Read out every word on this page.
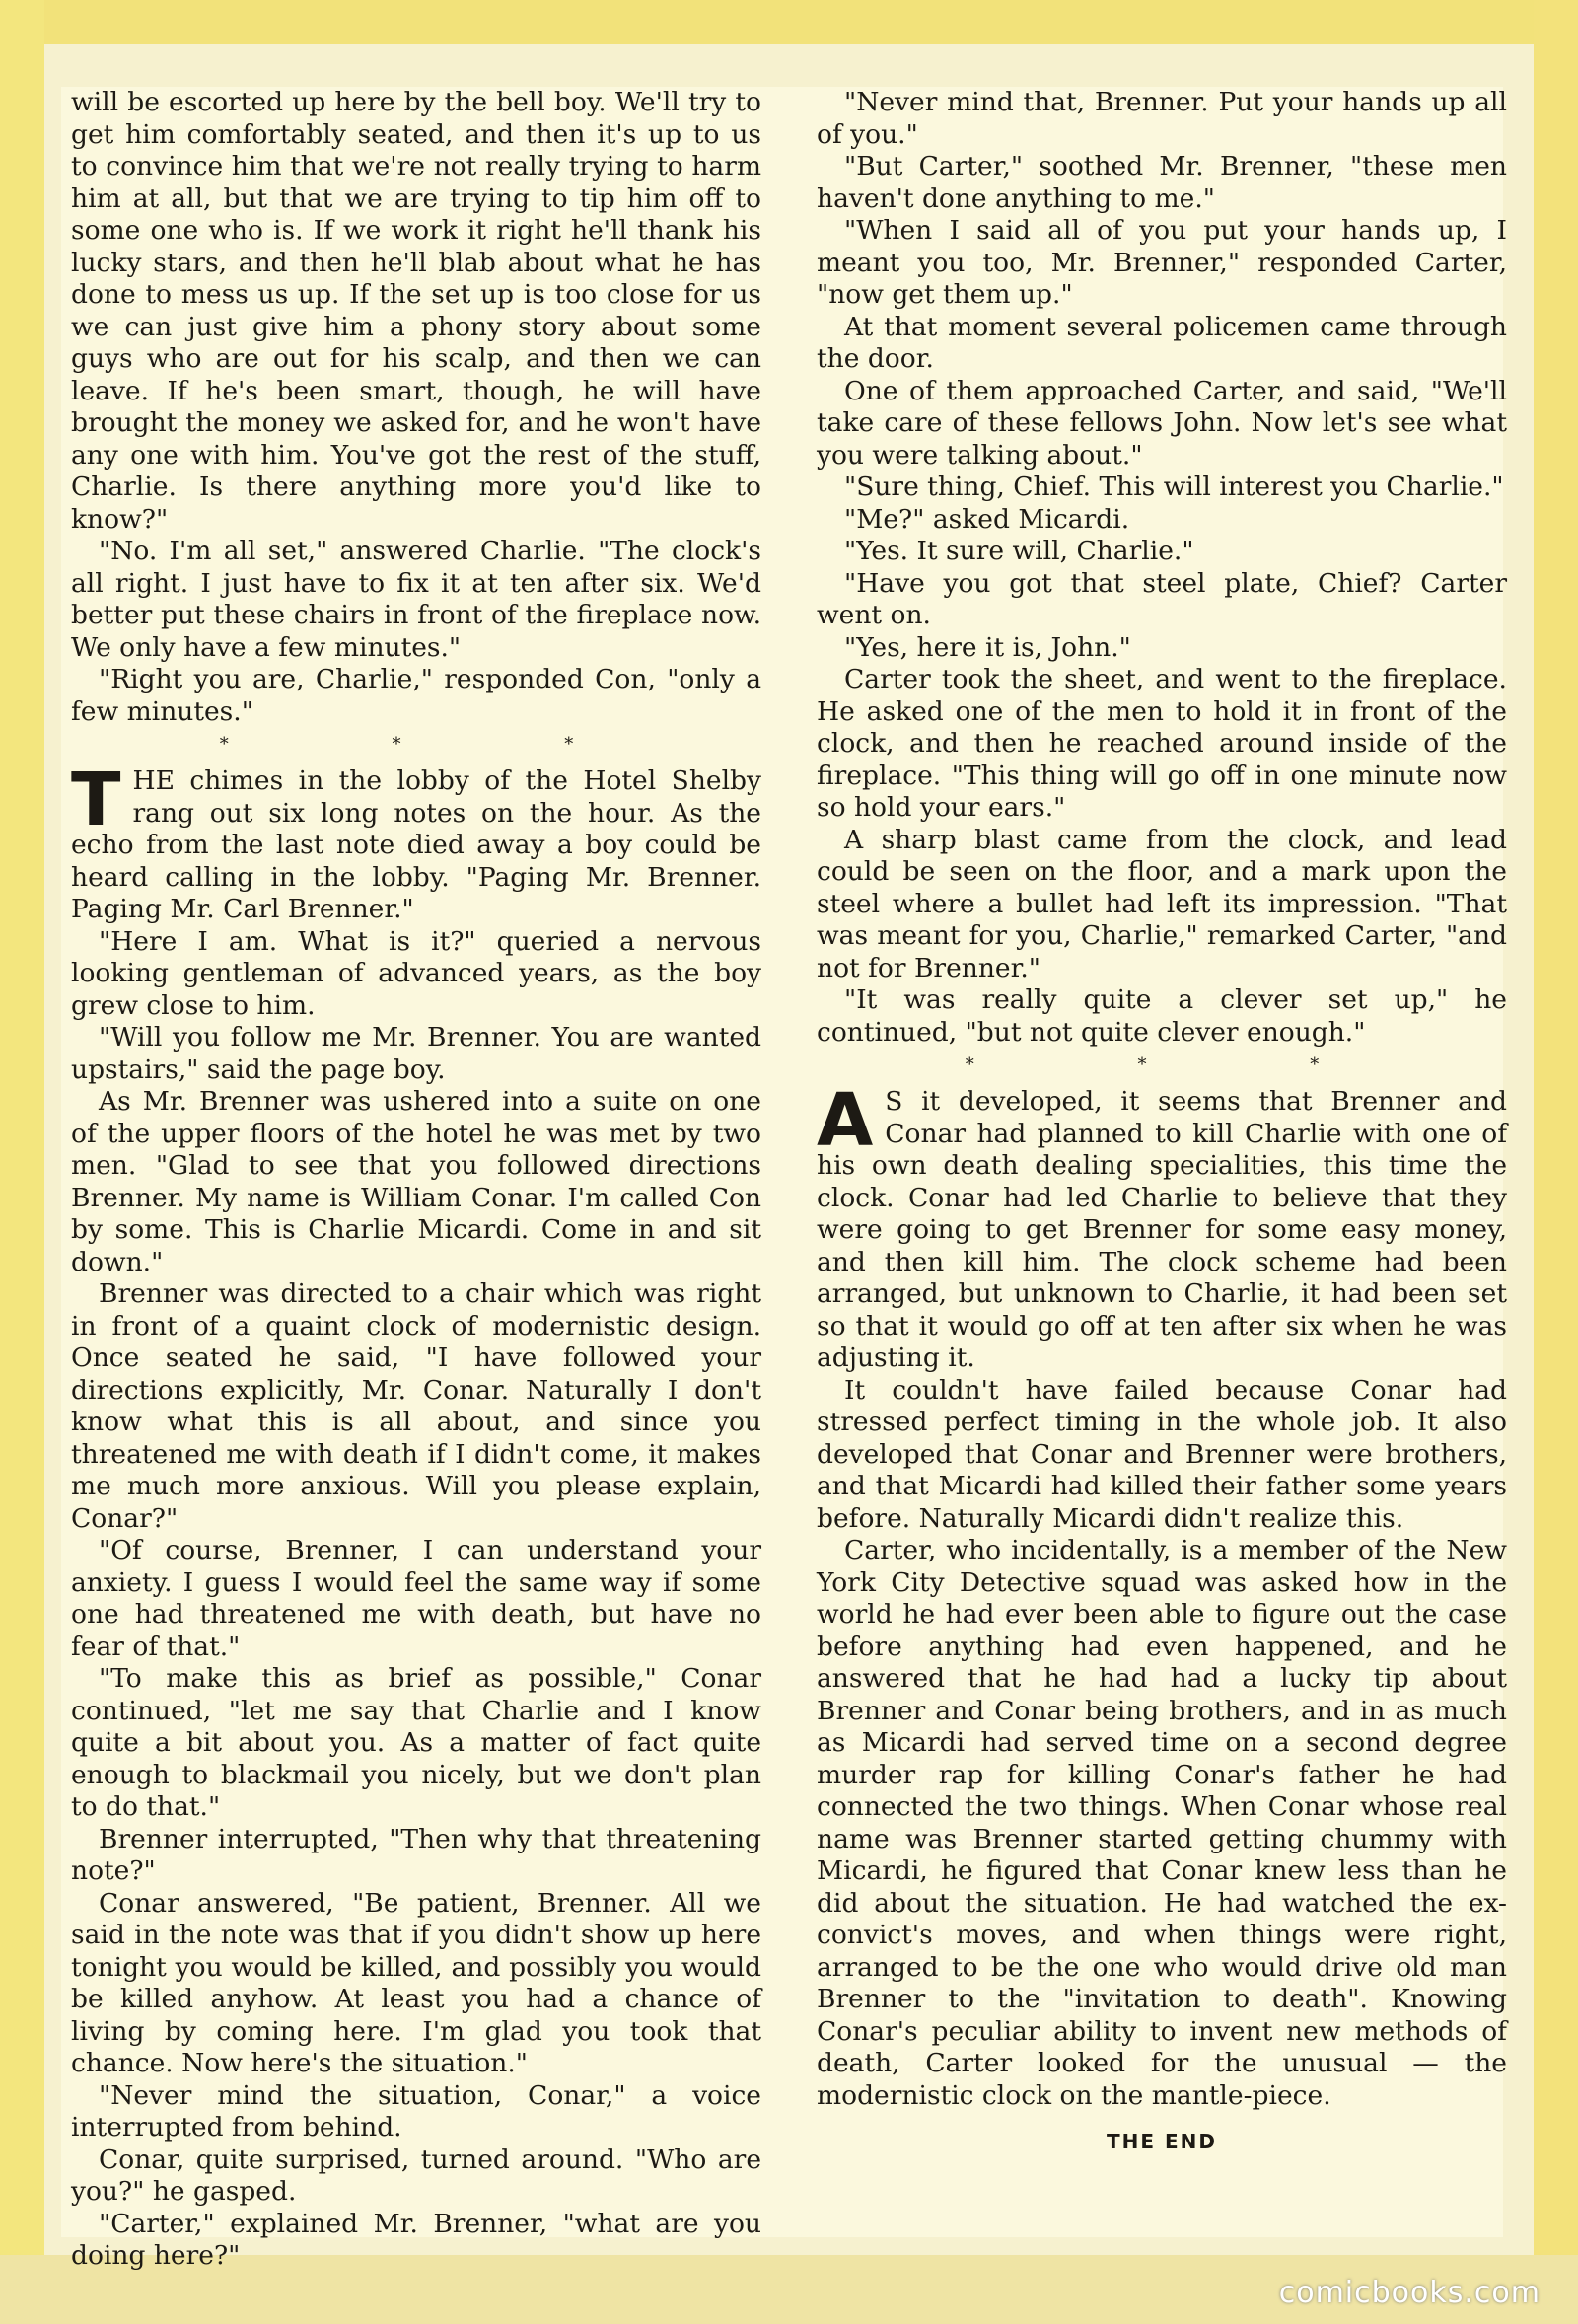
will be escorted up here by the bell boy. We'll try to get him comfortably seated, and then it's up to us to convince him that we're not really trying to harm him at all, but that we are trying to tip him off to some one who is. If we work it right he'll thank his lucky stars, and then he'll blab about what he has done to mess us up. If the set up is too close for us we can just give him a phony story about some guys who are out for his scalp, and then we can leave. If he's been smart, though, he will have brought the money we asked for, and he won't have any one with him. You've got the rest of the stuff, Charlie. Is there anything more you'd like to know?"

"No. I'm all set," answered Charlie. "The clock's all right. I just have to fix it at ten after six. We'd better put these chairs in front of the fireplace now. We only have a few minutes."

"Right you are, Charlie," responded Con, "only a few minutes."

* * *

THE chimes in the lobby of the Hotel Shelby rang out six long notes on the hour. As the echo from the last note died away a boy could be heard calling in the lobby. "Paging Mr. Brenner. Paging Mr. Carl Brenner."

"Here I am. What is it?" queried a nervous looking gentleman of advanced years, as the boy grew close to him.

"Will you follow me Mr. Brenner. You are wanted upstairs," said the page boy.

As Mr. Brenner was ushered into a suite on one of the upper floors of the hotel he was met by two men. "Glad to see that you followed directions Brenner. My name is William Conar. I'm called Con by some. This is Charlie Micardi. Come in and sit down."

Brenner was directed to a chair which was right in front of a quaint clock of modernistic design. Once seated he said, "I have followed your directions explicitly, Mr. Conar. Naturally I don't know what this is all about, and since you threatened me with death if I didn't come, it makes me much more anxious. Will you please explain, Conar?"

"Of course, Brenner, I can understand your anxiety. I guess I would feel the same way if some one had threatened me with death, but have no fear of that."

"To make this as brief as possible," Conar continued, "let me say that Charlie and I know quite a bit about you. As a matter of fact quite enough to blackmail you nicely, but we don't plan to do that."

Brenner interrupted, "Then why that threatening note?"

Conar answered, "Be patient, Brenner. All we said in the note was that if you didn't show up here tonight you would be killed, and possibly you would be killed anyhow. At least you had a chance of living by coming here. I'm glad you took that chance. Now here's the situation."

"Never mind the situation, Conar," a voice interrupted from behind.

Conar, quite surprised, turned around. "Who are you?" he gasped.

"Carter," explained Mr. Brenner, "what are you doing here?"

"Never mind that, Brenner. Put your hands up all of you."

"But Carter," soothed Mr. Brenner, "these men haven't done anything to me."

"When I said all of you put your hands up, I meant you too, Mr. Brenner," responded Carter, "now get them up."

At that moment several policemen came through the door.

One of them approached Carter, and said, "We'll take care of these fellows John. Now let's see what you were talking about."

"Sure thing, Chief. This will interest you Charlie."

"Me?" asked Micardi.

"Yes. It sure will, Charlie."

"Have you got that steel plate, Chief? Carter went on.

"Yes, here it is, John."

Carter took the sheet, and went to the fireplace. He asked one of the men to hold it in front of the clock, and then he reached around inside of the fireplace. "This thing will go off in one minute now so hold your ears."

A sharp blast came from the clock, and lead could be seen on the floor, and a mark upon the steel where a bullet had left its impression. "That was meant for you, Charlie," remarked Carter, "and not for Brenner."

"It was really quite a clever set up," he continued, "but not quite clever enough."

* * *

A S it developed, it seems that Brenner and Conar had planned to kill Charlie with one of his own death dealing specialities, this time the clock. Conar had led Charlie to believe that they were going to get Brenner for some easy money, and then kill him. The clock scheme had been arranged, but unknown to Charlie, it had been set so that it would go off at ten after six when he was adjusting it.

It couldn't have failed because Conar had stressed perfect timing in the whole job. It also developed that Conar and Brenner were brothers, and that Micardi had killed their father some years before. Naturally Micardi didn't realize this.

Carter, who incidentally, is a member of the New York City Detective squad was asked how in the world he had ever been able to figure out the case before anything had even happened, and he answered that he had had a lucky tip about Brenner and Conar being brothers, and in as much as Micardi had served time on a second degree murder rap for killing Conar's father he had connected the two things. When Conar whose real name was Brenner started getting chummy with Micardi, he figured that Conar knew less than he did about the situation. He had watched the ex-convict's moves, and when things were right, arranged to be the one who would drive old man Brenner to the "invitation to death". Knowing Conar's peculiar ability to invent new methods of death, Carter looked for the unusual — the modernistic clock on the mantle-piece.

THE END
comicbooks.com
